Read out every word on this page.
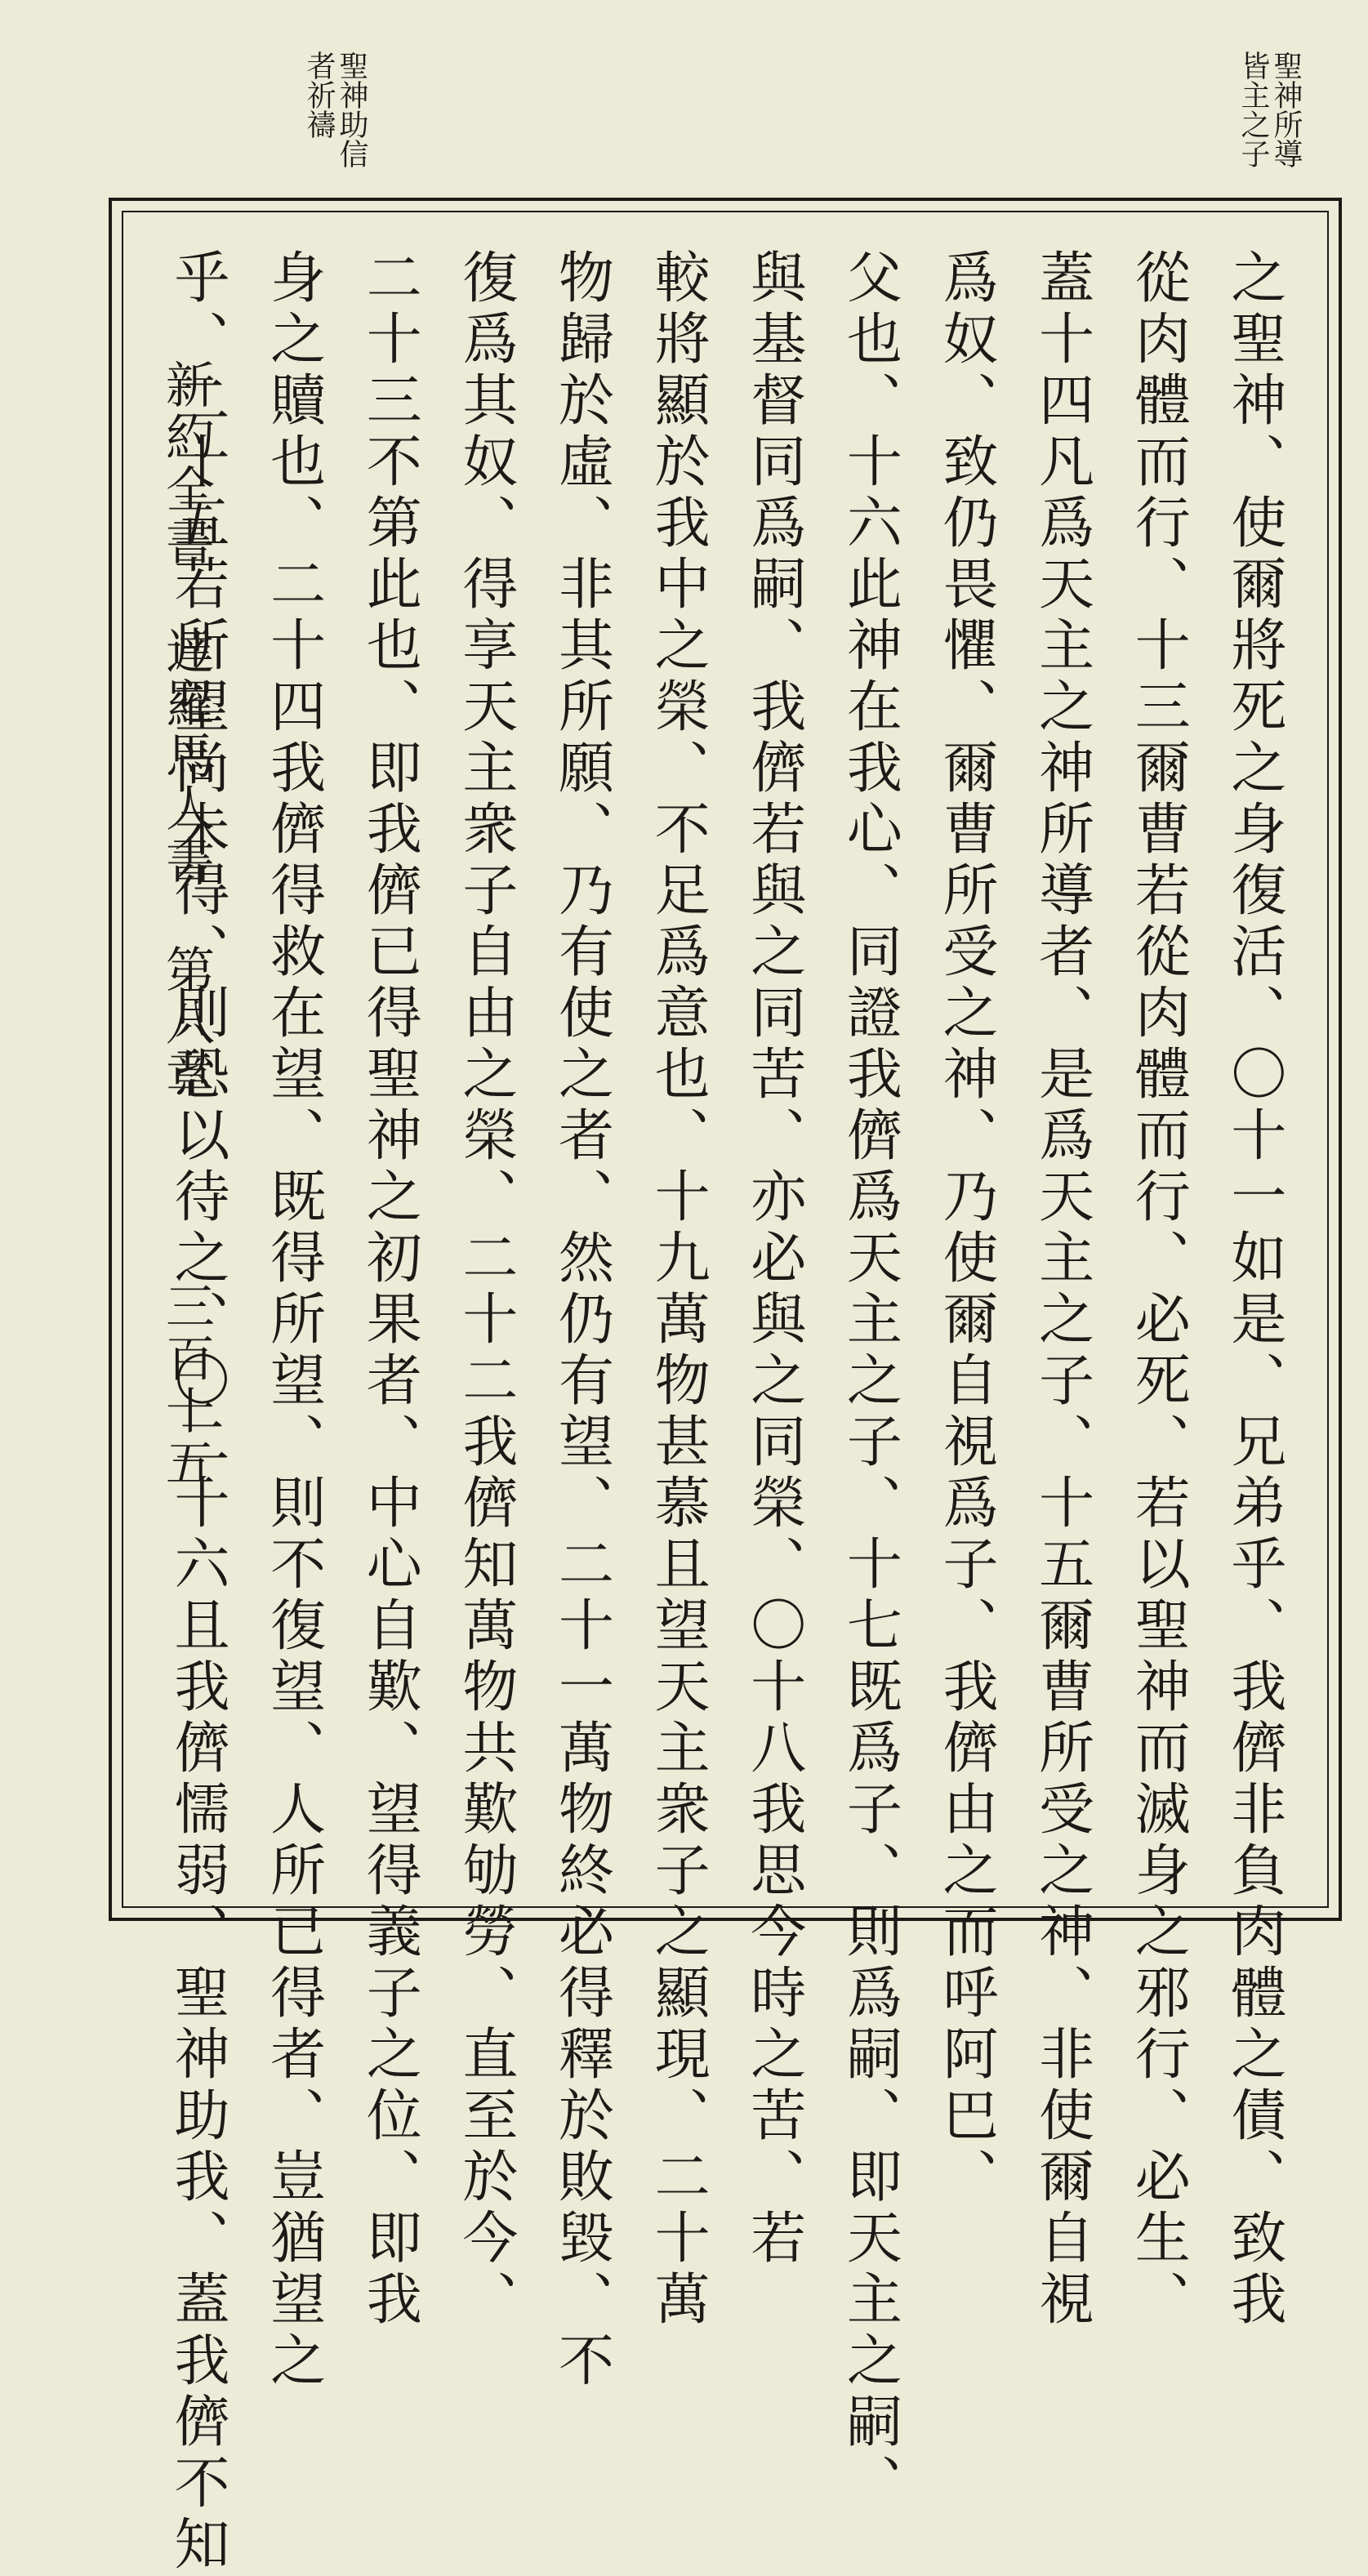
聖神所導
皆主之子
聖神助信
者祈禱
新約全書
達羅馬人書
第八章
三百十五	之聖神、使爾將死之身復活、〇十一如是、兄弟乎、我儕非負肉體之債、致我
從肉體而行、十三爾曹若從肉體而行、必死、若以聖神而滅身之邪行、必生、
蓋十四凡爲天主之神所導者、是爲天主之子、十五爾曹所受之神、非使爾自視
爲奴、致仍畏懼、爾曹所受之神、乃使爾自視爲子、我儕由之而呼阿巴、
父也、十六此神在我心、同證我儕爲天主之子、十七既爲子、則爲嗣、即天主之嗣、
與基督同爲嗣、我儕若與之同苦、亦必與之同榮、〇十八我思今時之苦、若
較將顯於我中之榮、不足爲意也、十九萬物甚慕且望天主衆子之顯現、二十萬
物歸於虛、非其所願、乃有使之者、然仍有望、二十一萬物終必得釋於敗毀、不
復爲其奴、得享天主衆子自由之榮、二十二我儕知萬物共歎劬勞、直至於今、
二十三不第此也、即我儕已得聖神之初果者、中心自歎、望得義子之位、即我
身之贖也、二十四我儕得救在望、既得所望、則不復望、人所已得者、豈猶望之
乎、二十五若所望尚未得、則恐以待之、〇二十六且我儕懦弱、聖神助我、蓋我儕不知
